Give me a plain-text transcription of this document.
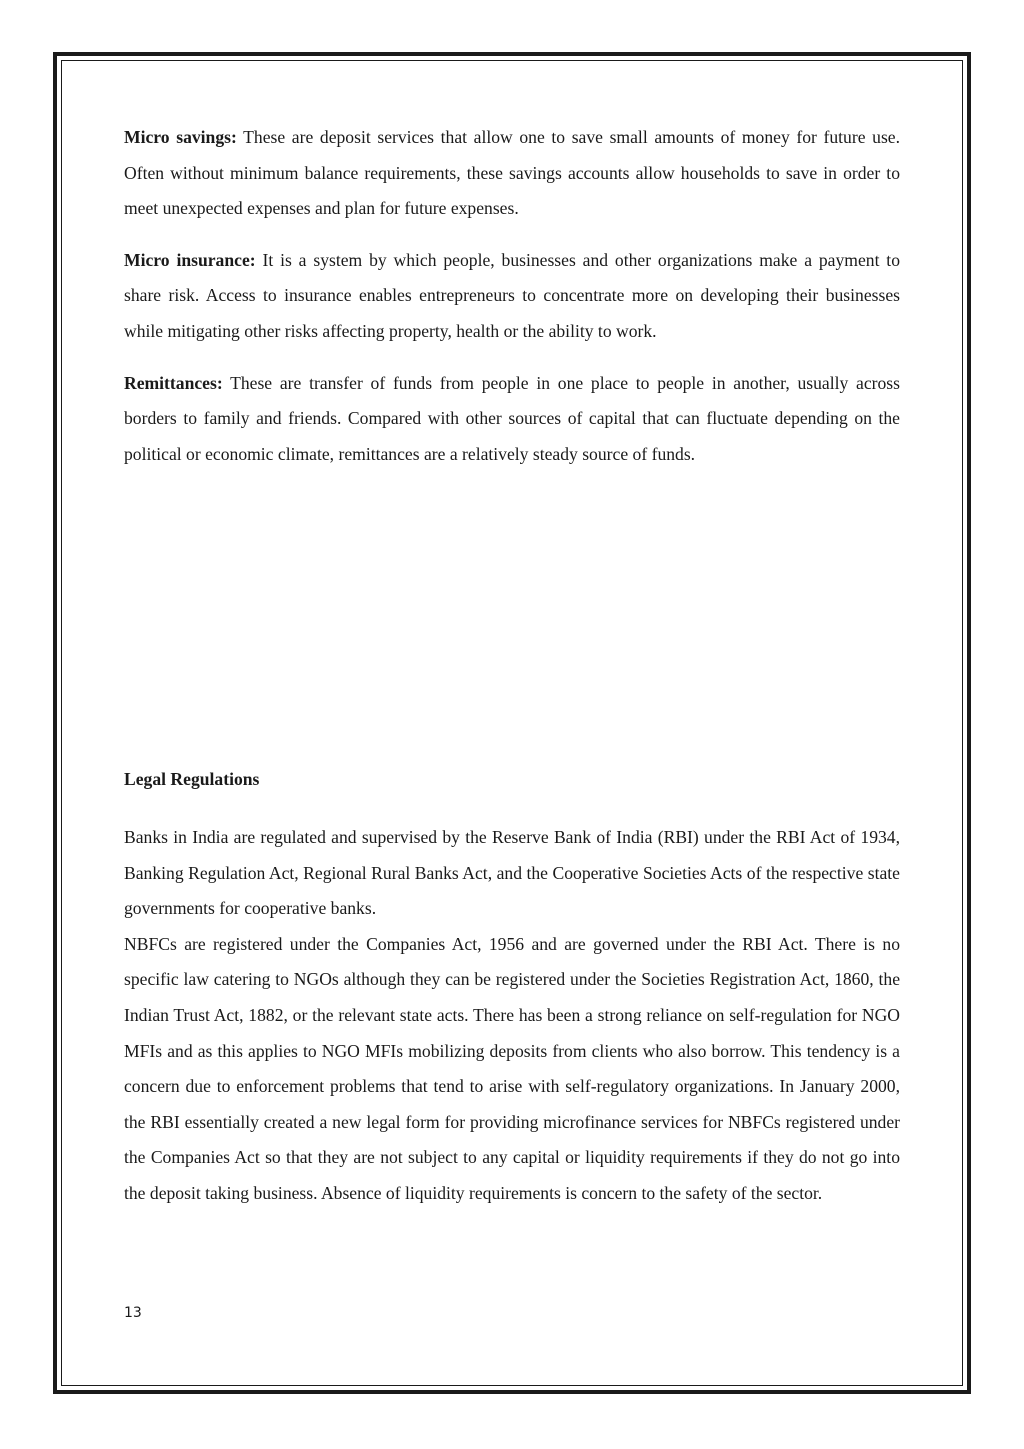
Micro savings: These are deposit services that allow one to save small amounts of money for future use. Often without minimum balance requirements, these savings accounts allow households to save in order to meet unexpected expenses and plan for future expenses.

Micro insurance: It is a system by which people, businesses and other organizations make a payment to share risk. Access to insurance enables entrepreneurs to concentrate more on developing their businesses while mitigating other risks affecting property, health or the ability to work.

Remittances: These are transfer of funds from people in one place to people in another, usually across borders to family and friends. Compared with other sources of capital that can fluctuate depending on the political or economic climate, remittances are a relatively steady source of funds.

Legal Regulations

Banks in India are regulated and supervised by the Reserve Bank of India (RBI) under the RBI Act of 1934, Banking Regulation Act, Regional Rural Banks Act, and the Cooperative Societies Acts of the respective state governments for cooperative banks.

NBFCs are registered under the Companies Act, 1956 and are governed under the RBI Act. There is no specific law catering to NGOs although they can be registered under the Societies Registration Act, 1860, the Indian Trust Act, 1882, or the relevant state acts. There has been a strong reliance on self-regulation for NGO MFIs and as this applies to NGO MFIs mobilizing deposits from clients who also borrow. This tendency is a concern due to enforcement problems that tend to arise with self-regulatory organizations. In January 2000, the RBI essentially created a new legal form for providing microfinance services for NBFCs registered under the Companies Act so that they are not subject to any capital or liquidity requirements if they do not go into the deposit taking business. Absence of liquidity requirements is concern to the safety of the sector.

13
